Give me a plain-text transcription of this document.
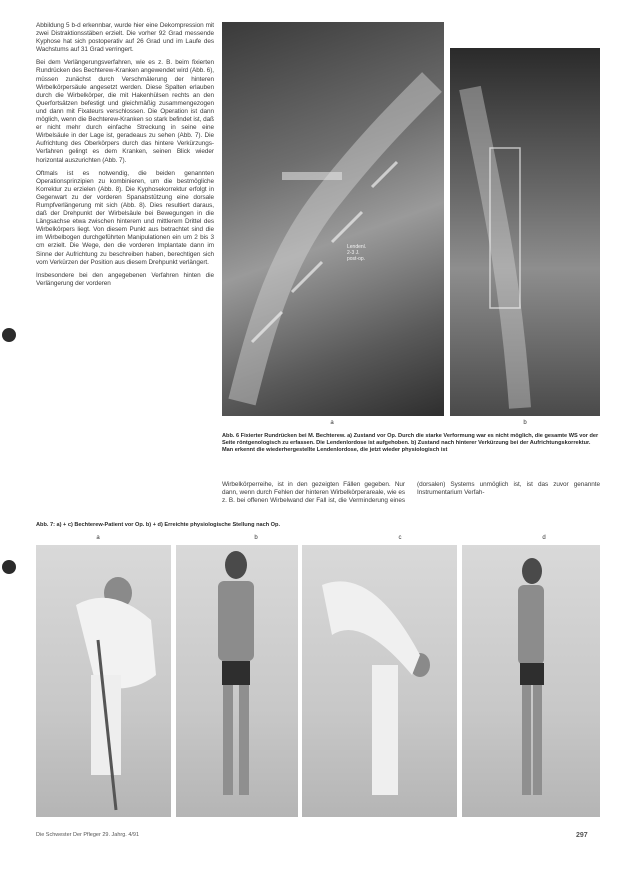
Abbildung 5 b-d erkennbar, wurde hier eine Dekompression mit zwei Distraktionsstäben erzielt. Die vorher 92 Grad messende Kyphose hat sich postoperativ auf 26 Grad und im Laufe des Wachstums auf 31 Grad verringert.

Bei dem Verlängerungsverfahren, wie es z. B. beim fixierten Rundrücken des Bechterew-Kranken angewendet wird (Abb. 6), müssen zunächst durch Verschmälerung der hinteren Wirbelkörpersäule angesetzt werden. Diese Spalten erlauben durch die Wirbelkörper, die mit Hakenhülsen rechts an den Querfortsätzen befestigt und gleichmäßig zusammengezogen und dann mit Fixateurs verschlossen. Die Operation ist dann möglich, wenn die Bechterew-Kranken so stark befindet ist, daß er nicht mehr durch einfache Streckung in seine eine Wirbelsäule in der Lage ist, geradeaus zu sehen (Abb. 7). Die Aufrichtung des Oberkörpers durch das hintere Verkürzungs-Verfahren gelingt es dem Kranken, seinen Blick wieder horizontal auszurichten (Abb. 7).

Oftmals ist es notwendig, die beiden genannten Operationsprinzipien zu kombinieren, um die bestmögliche Korrektur zu erzielen (Abb. 8). Die Kyphosekorrektur erfolgt in Gegenwart zu der vorderen Spanabstützung eine dorsale Rumpfverlängerung mit sich (Abb. 8). Dies resultiert daraus, daß der Drehpunkt der Wirbelsäule bei Bewegungen in die Längsachse etwa zwischen hinterem und mittlerem Drittel des Wirbelkörpers liegt. Von diesem Punkt aus betrachtet sind die im Wirbelbogen durchgeführten Manipulationen ein um 2 bis 3 cm erzielt. Die Wege, den die vorderen Implantate dann im Sinne der Aufrichtung zu beschreiben haben, berechtigen sich vom Verkürzen der Position aus diesem Drehpunkt verlängert.

Insbesondere bei den angegebenen Verfahren hinten die Verlängerung der vorderen

Lendenl.
2-3 J.
post-op.
a	b
Abb. 6 Fixierter Rundrücken bei M. Bechterew. a) Zustand vor Op. Durch die starke Verformung war es nicht möglich, die gesamte WS vor der Seite röntgenologisch zu erfassen. Die Lendenlordose ist aufgehoben. b) Zustand nach hinterer Verkürzung bei der Aufrichtungskorrektur. Man erkennt die wiederhergestellte Lendenlordose, die jetzt wieder physiologisch ist
Wirbelkörperreihe, ist in den gezeigten Fällen gegeben. Nur dann, wenn durch Fehlen der hinteren Wirbelkörperareale, wie es z. B. bei offenen Wirbelwand der Fall ist, die Verminderung eines (dorsalen) Systems unmöglich ist, ist das zuvor genannte Instrumentarium Verfah-
Abb. 7: a) + c) Bechterew-Patient vor Op. b) + d) Erreichte physiologische Stellung nach Op.
a	b	c	d
Die Schwester Der Pfleger 29. Jahrg. 4/91	297
